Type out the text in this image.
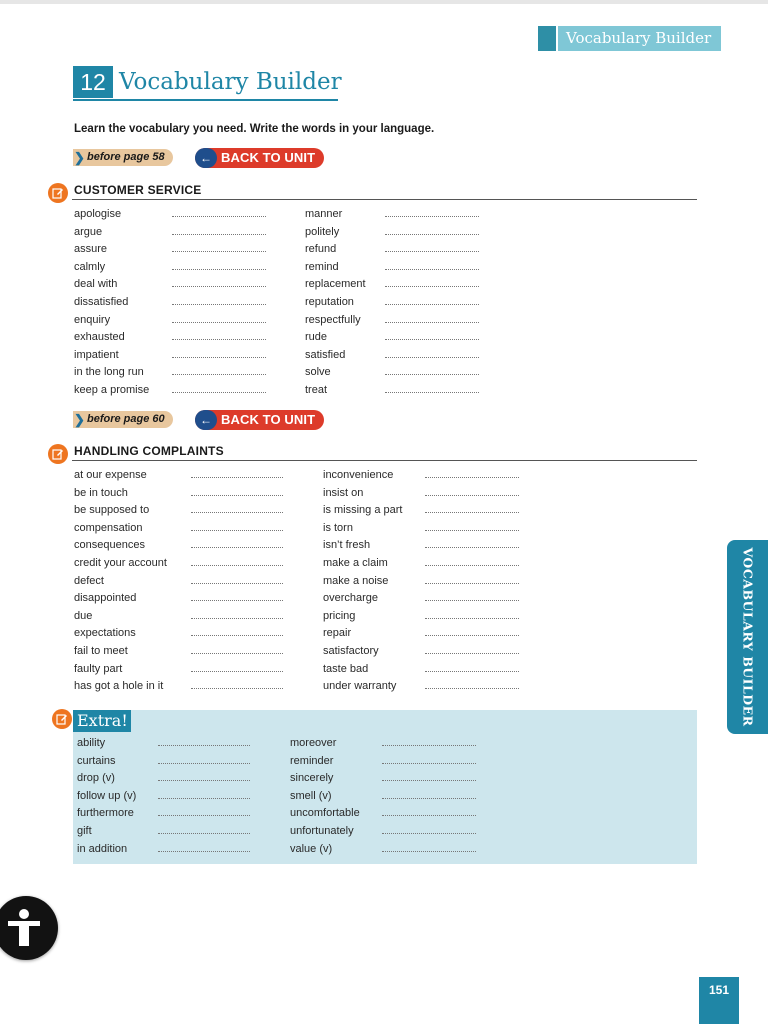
Vocabulary Builder
12 Vocabulary Builder
Learn the vocabulary you need. Write the words in your language.
❯ before page 58	← BACK TO UNIT
CUSTOMER SERVICE
apologise
argue
assure
calmly
deal with
dissatisfied
enquiry
exhausted
impatient
in the long run
keep a promise
manner
politely
refund
remind
replacement
reputation
respectfully
rude
satisfied
solve
treat
❯ before page 60	← BACK TO UNIT
HANDLING COMPLAINTS
at our expense
be in touch
be supposed to
compensation
consequences
credit your account
defect
disappointed
due
expectations
fail to meet
faulty part
has got a hole in it
inconvenience
insist on
is missing a part
is torn
isn’t fresh
make a claim
make a noise
overcharge
pricing
repair
satisfactory
taste bad
under warranty
Extra!
ability
curtains
drop (v)
follow up (v)
furthermore
gift
in addition
moreover
reminder
sincerely
smell (v)
uncomfortable
unfortunately
value (v)
VOCABULARY BUILDER
151
